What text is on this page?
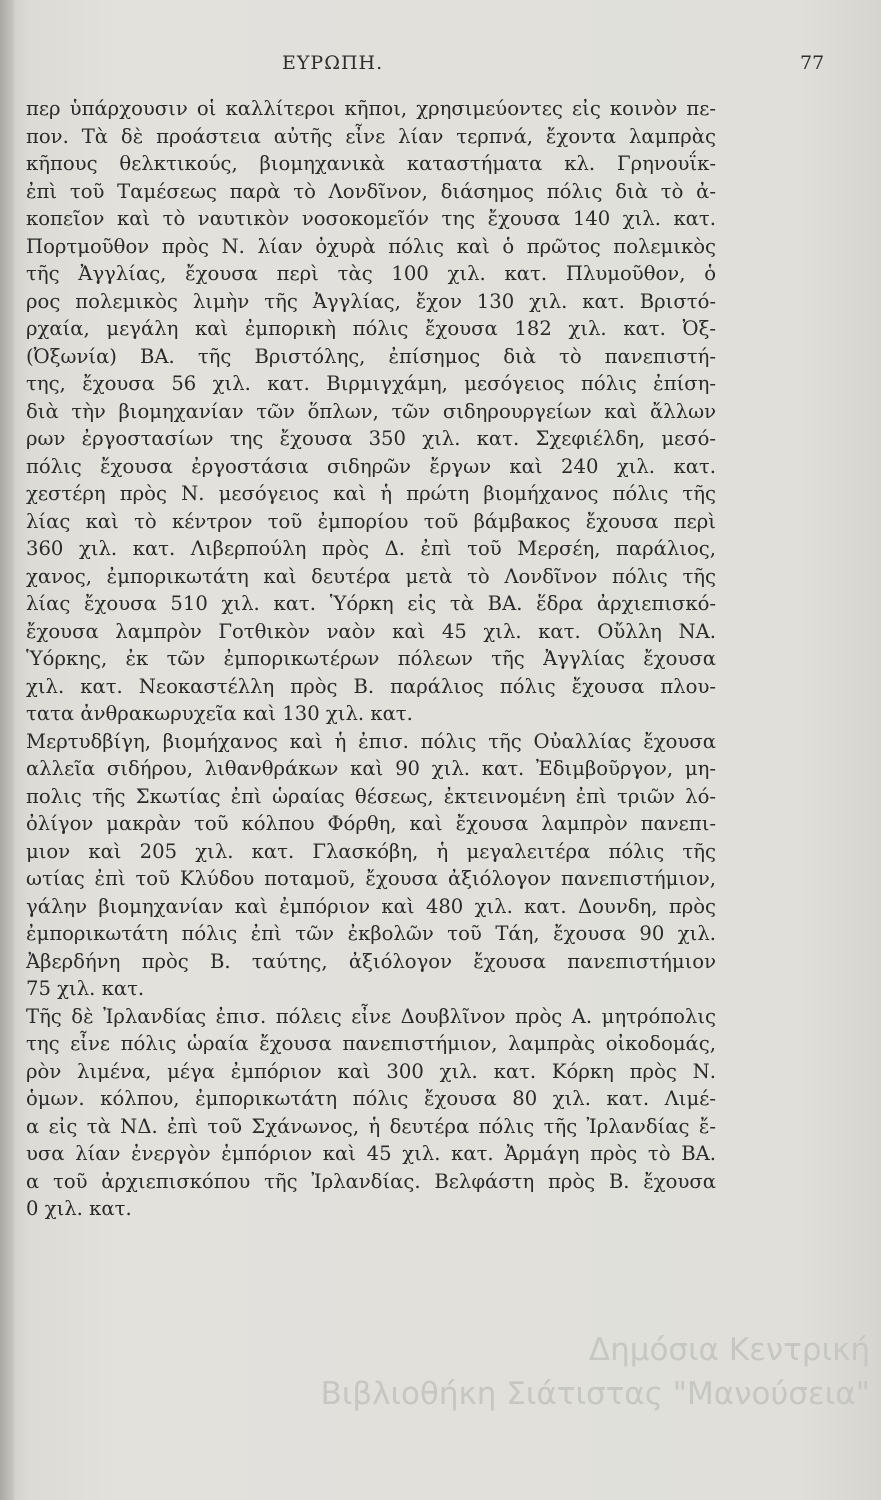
ΕΥΡΩΠΗ.	77
περ ὑπάρχουσιν οἱ καλλίτεροι κῆποι, χρησιμεύοντες εἰς κοινὸν πε-
πον. Τὰ δὲ προάστεια αὐτῆς εἶνε λίαν τερπνά, ἔχοντα λαμπρὰς
κῆπους θελκτικούς, βιομηχανικὰ καταστήματα κλ. Γρηνουΐκ-
ἐπὶ τοῦ Ταμέσεως παρὰ τὸ Λονδῖνον, διάσημος πόλις διὰ τὸ ἀ-
κοπεῖον καὶ τὸ ναυτικὸν νοσοκομεῖόν της ἔχουσα 140 χιλ. κατ.
Πορτμοῦθον πρὸς Ν. λίαν ὀχυρὰ πόλις καὶ ὁ πρῶτος πολεμικὸς
τῆς Ἀγγλίας, ἔχουσα περὶ τὰς 100 χιλ. κατ. Πλυμοῦθον, ὁ
ρος πολεμικὸς λιμὴν τῆς Ἀγγλίας, ἔχον 130 χιλ. κατ. Βριστό-
ρχαία, μεγάλη καὶ ἐμπορικὴ πόλις ἔχουσα 182 χιλ. κατ. Ὀξ-
(Ὀξωνία) ΒΑ. τῆς Βριστόλης, ἐπίσημος διὰ τὸ πανεπιστή-
της, ἔχουσα 56 χιλ. κατ. Βιρμιγχάμη, μεσόγειος πόλις ἐπίση-
διὰ τὴν βιομηχανίαν τῶν ὅπλων, τῶν σιδηρουργείων καὶ ἄλλων
ρων ἐργοστασίων της ἔχουσα 350 χιλ. κατ. Σχεφιέλδη, μεσό-
πόλις ἔχουσα ἐργοστάσια σιδηρῶν ἔργων καὶ 240 χιλ. κατ.
χεστέρη πρὸς Ν. μεσόγειος καὶ ἡ πρώτη βιομήχανος πόλις τῆς
λίας καὶ τὸ κέντρον τοῦ ἐμπορίου τοῦ βάμβακος ἔχουσα περὶ
360 χιλ. κατ. Λιβερπούλη πρὸς Δ. ἐπὶ τοῦ Μερσέη, παράλιος,
χανος, ἐμπορικωτάτη καὶ δευτέρα μετὰ τὸ Λονδῖνον πόλις τῆς
λίας ἔχουσα 510 χιλ. κατ. Ὑόρκη εἰς τὰ ΒΑ. ἕδρα ἀρχιεπισκό-
ἔχουσα λαμπρὸν Γοτθικὸν ναὸν καὶ 45 χιλ. κατ. Οὔλλη ΝΑ.
Ὑόρκης, ἐκ τῶν ἐμπορικωτέρων πόλεων τῆς Ἀγγλίας ἔχουσα
χιλ. κατ. Νεοκαστέλλη πρὸς Β. παράλιος πόλις ἔχουσα πλου-
τατα ἀνθρακωρυχεῖα καὶ 130 χιλ. κατ.
Μερτυδβίγη, βιομήχανος καὶ ἡ ἐπισ. πόλις τῆς Οὐαλλίας ἔχουσα
αλλεῖα σιδήρου, λιθανθράκων καὶ 90 χιλ. κατ. Ἐδιμβοῦργον, μη-
πολις τῆς Σκωτίας ἐπὶ ὡραίας θέσεως, ἐκτεινομένη ἐπὶ τριῶν λό-
ὀλίγον μακρὰν τοῦ κόλπου Φόρθη, καὶ ἔχουσα λαμπρὸν πανεπι-
μιον καὶ 205 χιλ. κατ. Γλασκόβη, ἡ μεγαλειτέρα πόλις τῆς
ωτίας ἐπὶ τοῦ Κλύδου ποταμοῦ, ἔχουσα ἀξιόλογον πανεπιστήμιον,
γάλην βιομηχανίαν καὶ ἐμπόριον καὶ 480 χιλ. κατ. Δουνδη, πρὸς
ἐμπορικωτάτη πόλις ἐπὶ τῶν ἐκβολῶν τοῦ Τάη, ἔχουσα 90 χιλ.
Ἀβερδήνη πρὸς Β. ταύτης, ἀξιόλογον ἔχουσα πανεπιστήμιον
75 χιλ. κατ.
Τῆς δὲ Ἰρλανδίας ἐπισ. πόλεις εἶνε Δουβλῖνον πρὸς Α. μητρόπολις
της εἶνε πόλις ὡραία ἔχουσα πανεπιστήμιον, λαμπρὰς οἰκοδομάς,
ρὸν λιμένα, μέγα ἐμπόριον καὶ 300 χιλ. κατ. Κόρκη πρὸς Ν.
ὁμων. κόλπου, ἐμπορικωτάτη πόλις ἔχουσα 80 χιλ. κατ. Λιμέ-
α εἰς τὰ ΝΔ. ἐπὶ τοῦ Σχάνωνος, ἡ δευτέρα πόλις τῆς Ἰρλανδίας ἔ-
υσα λίαν ἐνεργὸν ἐμπόριον καὶ 45 χιλ. κατ. Ἀρμάγη πρὸς τὸ ΒΑ.
α τοῦ ἀρχιεπισκόπου τῆς Ἰρλανδίας. Βελφάστη πρὸς Β. ἔχουσα
0 χιλ. κατ.
Δημόσια Κεντρική
Βιβλιοθήκη Σιάτιστας "Μανούσεια"
